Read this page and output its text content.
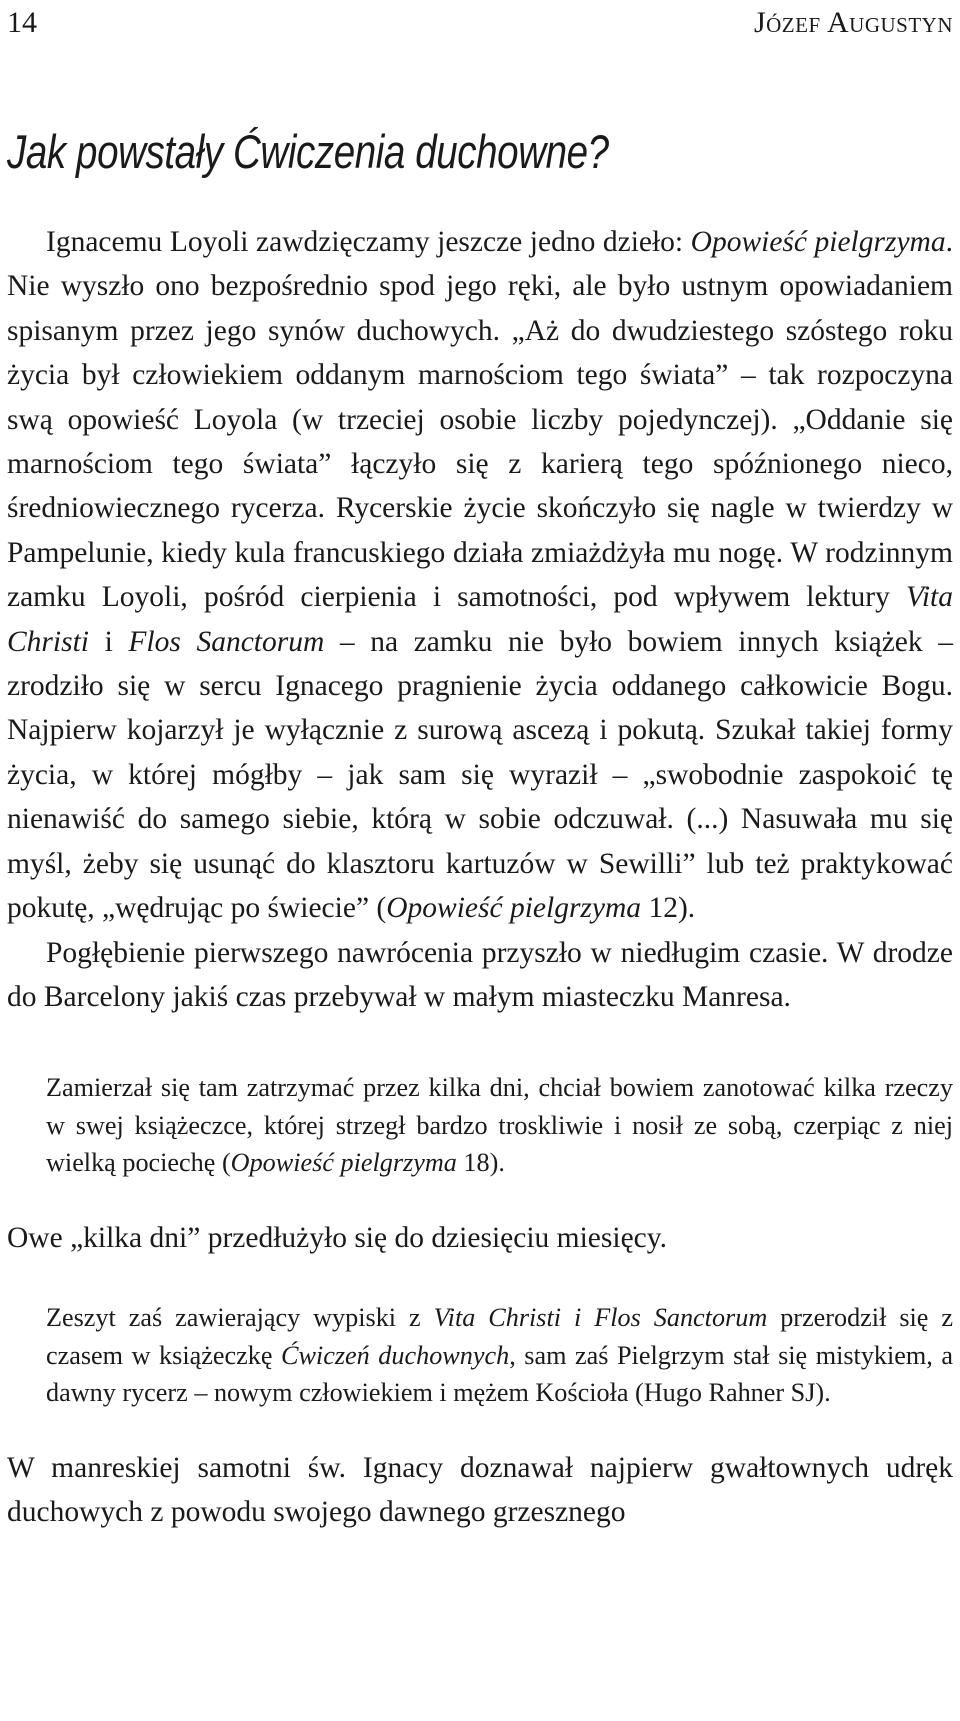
14	Józef Augustyn
Jak powstały Ćwiczenia duchowne?

Ignacemu Loyoli zawdzięczamy jeszcze jedno dzieło: Opowieść pielgrzyma. Nie wyszło ono bezpośrednio spod jego ręki, ale było ustnym opowiadaniem spisanym przez jego synów duchowych. „Aż do dwudziestego szóstego roku życia był człowiekiem oddanym marnościom tego świata” – tak rozpoczyna swą opowieść Loyola (w trzeciej osobie liczby pojedynczej). „Oddanie się marnościom tego świata” łączyło się z karierą tego spóźnionego nieco, średniowiecznego rycerza. Rycerskie życie skończyło się nagle w twierdzy w Pampelunie, kiedy kula francuskiego działa zmiażdżyła mu nogę. W rodzinnym zamku Loyoli, pośród cierpienia i samotności, pod wpływem lektury Vita Christi i Flos Sanctorum – na zamku nie było bowiem innych książek – zrodziło się w sercu Ignacego pragnienie życia oddanego całkowicie Bogu. Najpierw kojarzył je wyłącznie z surową ascezą i pokutą. Szukał takiej formy życia, w której mógłby – jak sam się wyraził – „swobodnie zaspokoić tę nienawiść do samego siebie, którą w sobie odczuwał. (...) Nasuwała mu się myśl, żeby się usunąć do klasztoru kartuzów w Sewilli” lub też praktykować pokutę, „wędrując po świecie” (Opowieść pielgrzyma 12).

Pogłębienie pierwszego nawrócenia przyszło w niedługim czasie. W drodze do Barcelony jakiś czas przebywał w małym miasteczku Manresa.

Zamierzał się tam zatrzymać przez kilka dni, chciał bowiem zanotować kilka rzeczy w swej książeczce, której strzegł bardzo troskliwie i nosił ze sobą, czerpiąc z niej wielką pociechę (Opowieść pielgrzyma 18).

Owe „kilka dni” przedłużyło się do dziesięciu miesięcy.

Zeszyt zaś zawierający wypiski z Vita Christi i Flos Sanctorum przerodził się z czasem w książeczkę Ćwiczeń duchownych, sam zaś Pielgrzym stał się mistykiem, a dawny rycerz – nowym człowiekiem i mężem Kościoła (Hugo Rahner SJ).

W manreskiej samotni św. Ignacy doznawał najpierw gwałtownych udręk duchowych z powodu swojego dawnego grzesznego
